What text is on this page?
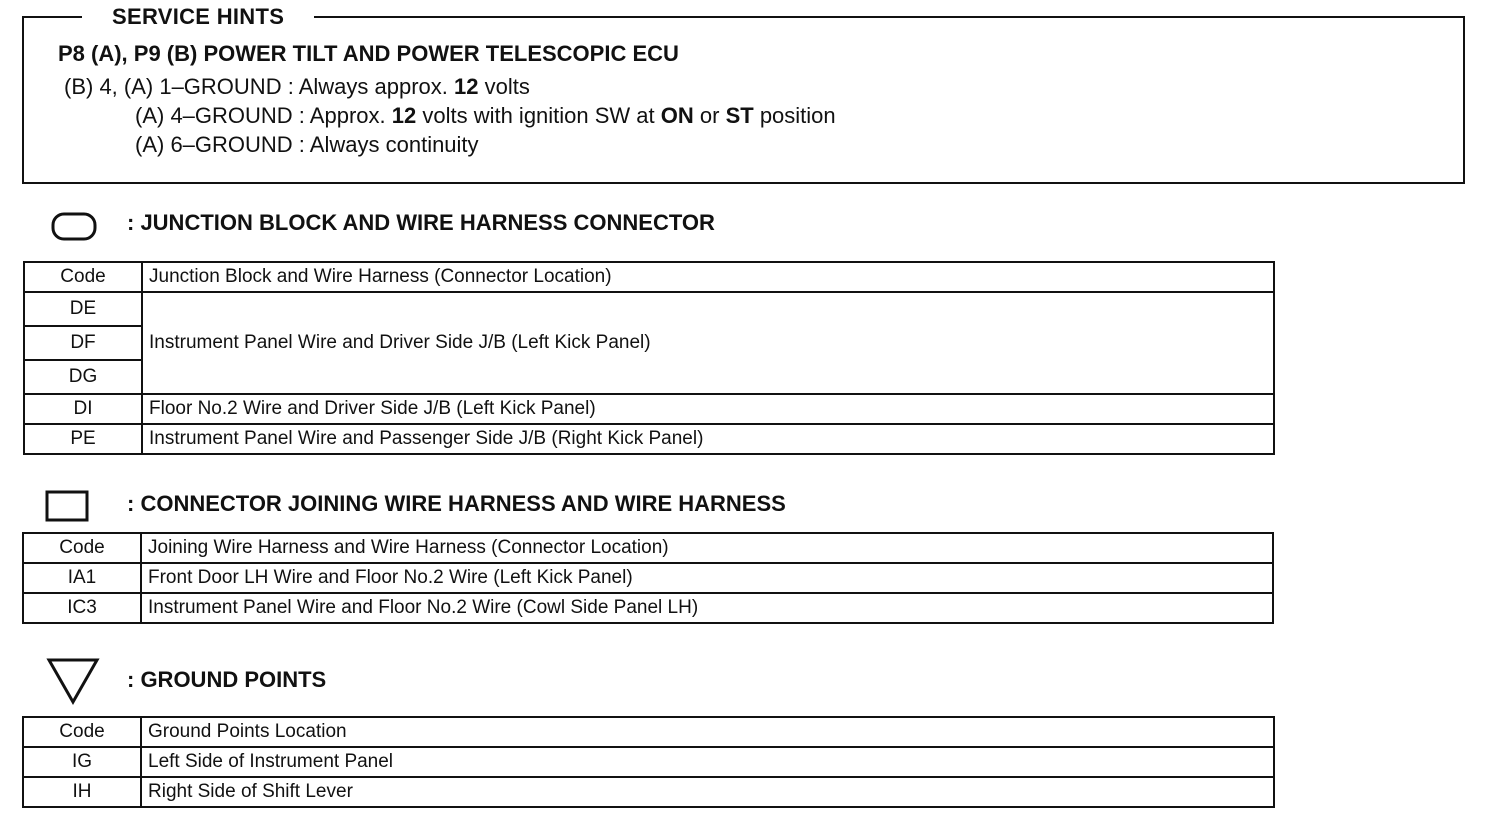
SERVICE HINTS
P8 (A), P9 (B) POWER TILT AND POWER TELESCOPIC ECU
(B) 4, (A) 1–GROUND : Always approx. 12 volts
(A) 4–GROUND : Approx. 12 volts with ignition SW at ON or ST position
(A) 6–GROUND : Always continuity
: JUNCTION BLOCK AND WIRE HARNESS CONNECTOR
Code	Junction Block and Wire Harness (Connector Location)
DE	Instrument Panel Wire and Driver Side J/B (Left Kick Panel)
DF	
DG	
DI	Floor No.2 Wire and Driver Side J/B (Left Kick Panel)
PE	Instrument Panel Wire and Passenger Side J/B (Right Kick Panel)
: CONNECTOR JOINING WIRE HARNESS AND WIRE HARNESS
Code	Joining Wire Harness and Wire Harness (Connector Location)
IA1	Front Door LH Wire and Floor No.2 Wire (Left Kick Panel)
IC3	Instrument Panel Wire and Floor No.2 Wire (Cowl Side Panel LH)
: GROUND POINTS
Code	Ground Points Location
IG	Left Side of Instrument Panel
IH	Right Side of Shift Lever
